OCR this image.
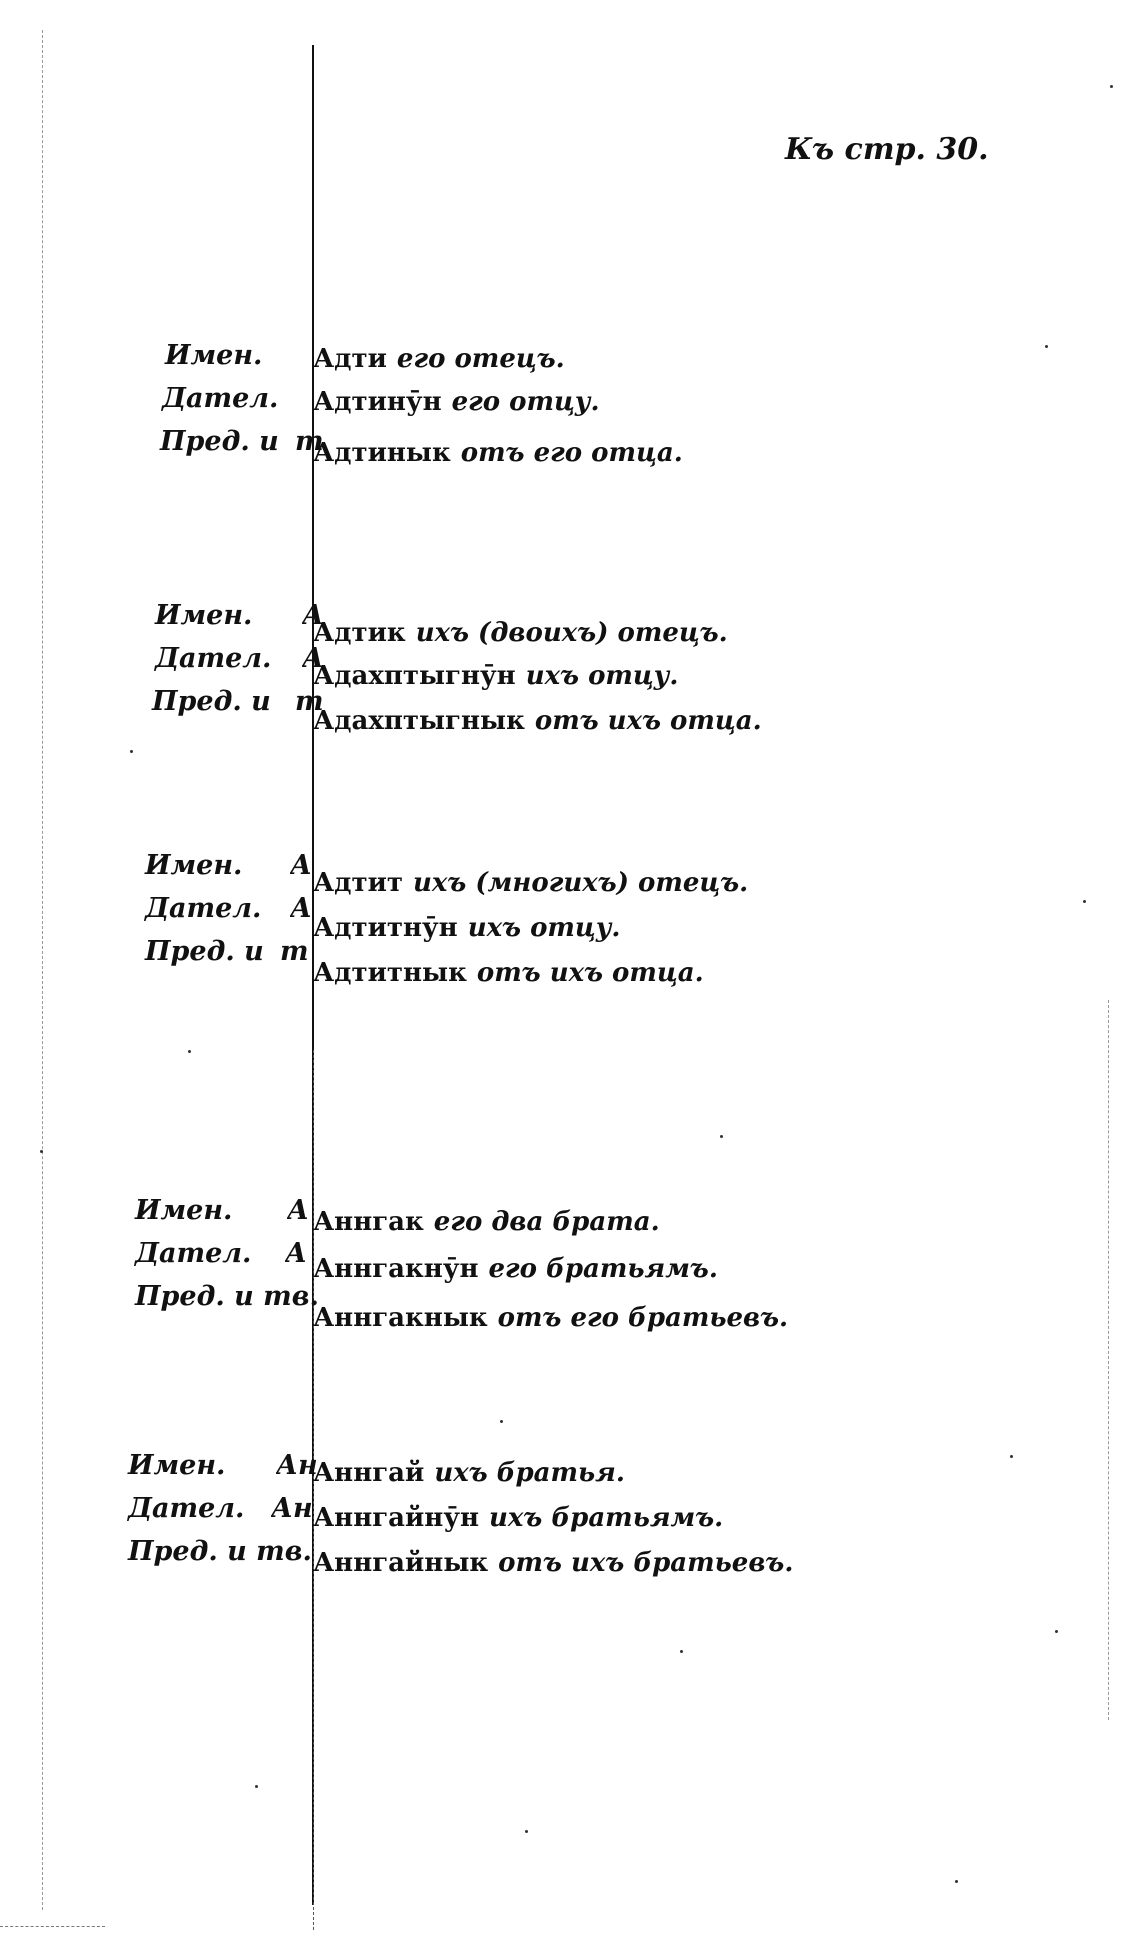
Къ стр. 30.
Имен. Адти его отецъ.
Дател. Адтинӯн его отцу.
Пред. и т
Адтинык отъ его отца.
Имен. А
Адтик ихъ (двоихъ) отецъ.
Дател. А
Адахптыгнӯн ихъ отцу.
Пред. и т
Адахптыгнык отъ ихъ отца.
Имен. А
Адтит ихъ (многихъ) отецъ.
Дател. А
Адтитнӯн ихъ отцу.
Пред. и т
Адтитнык отъ ихъ отца.
Имен. А Аннгак его два брата.
Дател. А Аннгакнӯн его братьямъ.
Пред. и тв.
Аннгакнык отъ его братьевъ.
Имен. Ан
Аннгай ихъ братья.
Дател. Ан Аннгайнӯн ихъ братьямъ.
Пред. и тв. Аннгайнык отъ ихъ братьевъ.
